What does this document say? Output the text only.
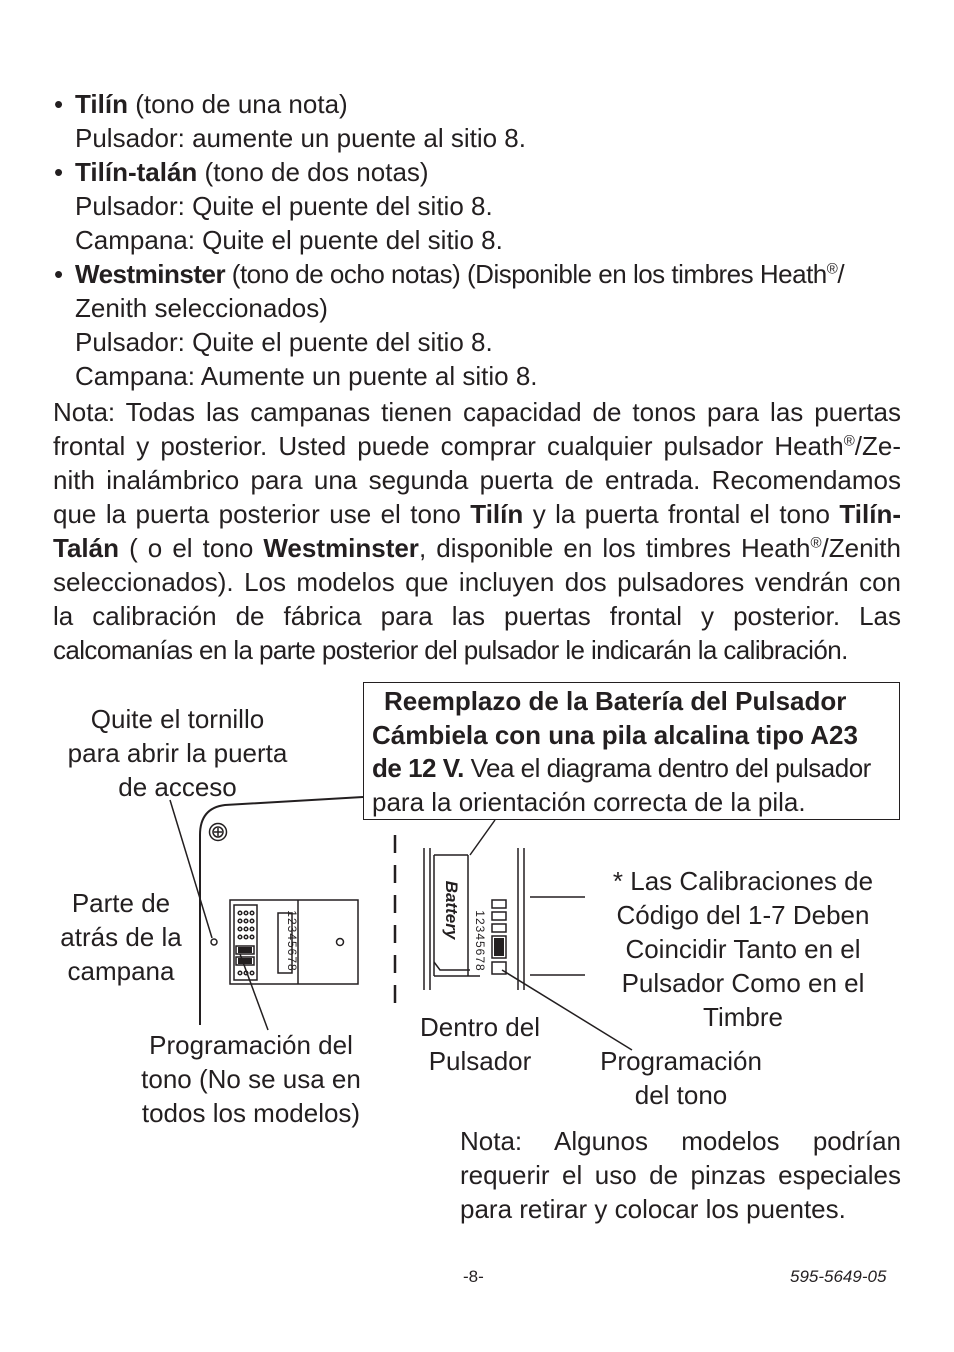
• Tilín (tono de una nota)
Pulsador: aumente un puente al sitio 8.
• Tilín-talán (tono de dos notas)
Pulsador: Quite el puente del sitio 8.
Campana: Quite el puente del sitio 8.
• Westminster (tono de ocho notas) (Disponible en los timbres Heath®/
Zenith seleccionados)
Pulsador: Quite el puente del sitio 8.
Campana: Aumente un puente al sitio 8.
Nota: Todas las campanas tienen capacidad de tonos para las puertas
frontal y posterior. Usted puede comprar cualquier pulsador Heath®/Ze-
nith inalámbrico para una segunda puerta de entrada. Recomendamos
que la puerta posterior use el tono Tilín y la puerta frontal el tono Tilín-
Talán ( o el tono Westminster, disponible en los timbres Heath®/Zenith
seleccionados). Los modelos que incluyen dos pulsadores vendrán con
la calibración de fábrica para las puertas frontal y posterior. Las
calcomanías en la parte posterior del pulsador le indicarán la calibración.
12345678	12345678
Battery
Reemplazo de la Batería del Pulsador
Cámbiela con una pila alcalina tipo A23
de 12 V. Vea el diagrama dentro del pulsador
para la orientación correcta de la pila.
Quite el tornillo
para abrir la puerta
de acceso
Parte de
atrás de la
campana
Programación del
tono (No se usa en
todos los modelos)
Dentro del
Pulsador	Programación
del tono
* Las Calibraciones de
Código del 1-7 Deben
Coincidir Tanto en el
Pulsador Como en el
Timbre
Nota: Algunos modelos podrían
requerir el uso de pinzas especiales
para retirar y colocar los puentes.
-8-	595-5649-05
